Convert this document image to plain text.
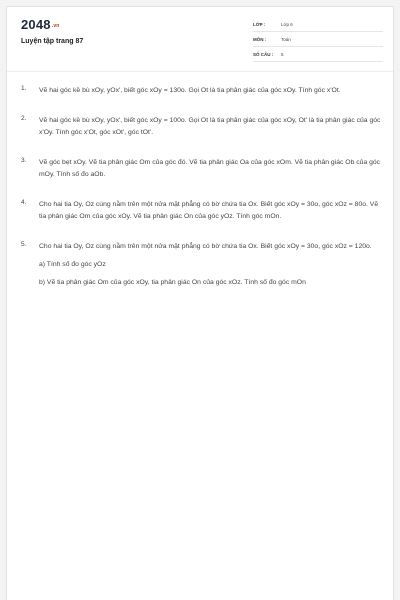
2048.vn
Luyện tập trang 87
LỚP :	Lớp 6
MÔN :	Toán
SỐ CÂU :	5
1.	Vẽ hai góc kề bù xOy, yOx', biết góc xOy = 130o. Gọi Ot là tia phân giác của góc xOy. Tính góc x'Ot.
2.	Vẽ hai góc kề bù xOy, yOx', biết góc xOy = 100o. Gọi Ot là tia phân giác của góc xOy, Ot' là tia phân giác của góc x'Oy. Tính góc x'Ot, góc xOt', góc tOt'.
3.	Vẽ góc bẹt xOy. Vẽ tia phân giác Om của góc đó. Vẽ tia phân giác Oa của góc xOm. Vẽ tia phân giác Ob của góc mOy. Tính số đo aOb.
4.	Cho hai tia Oy, Oz cùng nằm trên một nửa mặt phẳng có bờ chứa tia Ox. Biết góc xOy = 30o, góc xOz = 80o. Vẽ tia phân giác Om của góc xOy. Vẽ tia phân giác On của góc yOz. Tính góc mOn.
5.	Cho hai tia Oy, Oz cùng nằm trên một nửa mặt phẳng có bờ chứa tia Ox. Biết góc xOy = 30o, góc xOz = 120o.
a) Tính số đo góc yOz
b) Vẽ tia phân giác Om của góc xOy, tia phân giác On của góc xOz. Tính số đo góc mOn
